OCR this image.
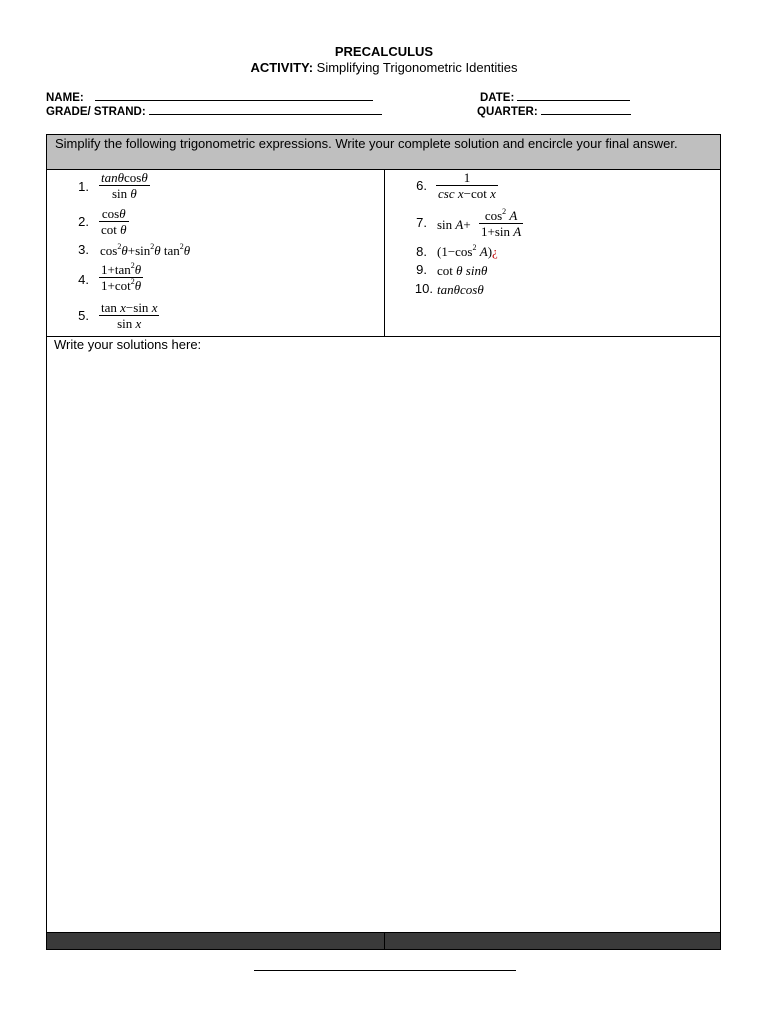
PRECALCULUS
ACTIVITY: Simplifying Trigonometric Identities
NAME:
GRADE/ STRAND:
DATE:
QUARTER:
Simplify the following trigonometric expressions. Write your complete solution and encircle your final answer.
1. $\frac{\tan\theta\cos\theta}{\text{sin θ}}$
2. $\frac{\cos\theta}{\text{cot θ}}$
3. $\cos^2\theta+\sin^2\theta$ $\tan^2\theta$
4. $\frac{1+\tan^2\theta}{1+\cot^2\theta}$
5. $\frac{\text{tan x−sin x}}{\text{sin x}}$
6.
1
csc x−cot x
7. $\sin A+ \frac{\cos^2 A}{\text{1+sin A}}$
8. ($1-\cos^2$ A)¿
9. cot θ sinθ
10. tanθcosθ
Write your solutions here:
